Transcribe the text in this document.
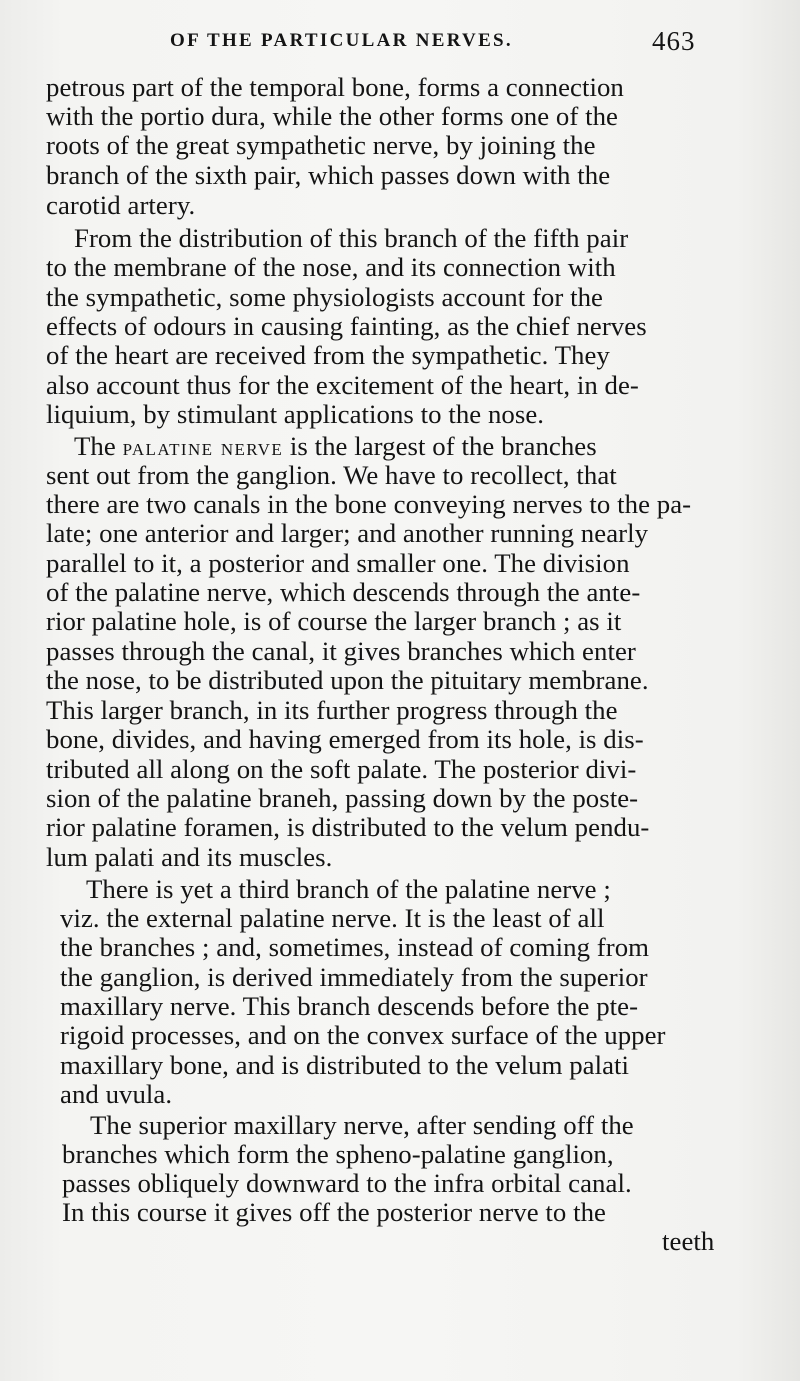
OF THE PARTICULAR NERVES.	463
petrous part of the temporal bone, forms a connection
with the portio dura, while the other forms one of the
roots of the great sympathetic nerve, by joining the
branch of the sixth pair, which passes down with the
carotid artery.
From the distribution of this branch of the fifth pair
to the membrane of the nose, and its connection with
the sympathetic, some physiologists account for the
effects of odours in causing fainting, as the chief nerves
of the heart are received from the sympathetic. They
also account thus for the excitement of the heart, in de-
liquium, by stimulant applications to the nose.
The palatine nerve is the largest of the branches
sent out from the ganglion. We have to recollect, that
there are two canals in the bone conveying nerves to the pa-
late; one anterior and larger; and another running nearly
parallel to it, a posterior and smaller one. The division
of the palatine nerve, which descends through the ante-
rior palatine hole, is of course the larger branch ; as it
passes through the canal, it gives branches which enter
the nose, to be distributed upon the pituitary membrane.
This larger branch, in its further progress through the
bone, divides, and having emerged from its hole, is dis-
tributed all along on the soft palate. The posterior divi-
sion of the palatine braneh, passing down by the poste-
rior palatine foramen, is distributed to the velum pendu-
lum palati and its muscles.
There is yet a third branch of the palatine nerve ;
viz. the external palatine nerve. It is the least of all
the branches ; and, sometimes, instead of coming from
the ganglion, is derived immediately from the superior
maxillary nerve. This branch descends before the pte-
rigoid processes, and on the convex surface of the upper
maxillary bone, and is distributed to the velum palati
and uvula.
The superior maxillary nerve, after sending off the
branches which form the spheno-palatine ganglion,
passes obliquely downward to the infra orbital canal.
In this course it gives off the posterior nerve to the
teeth
